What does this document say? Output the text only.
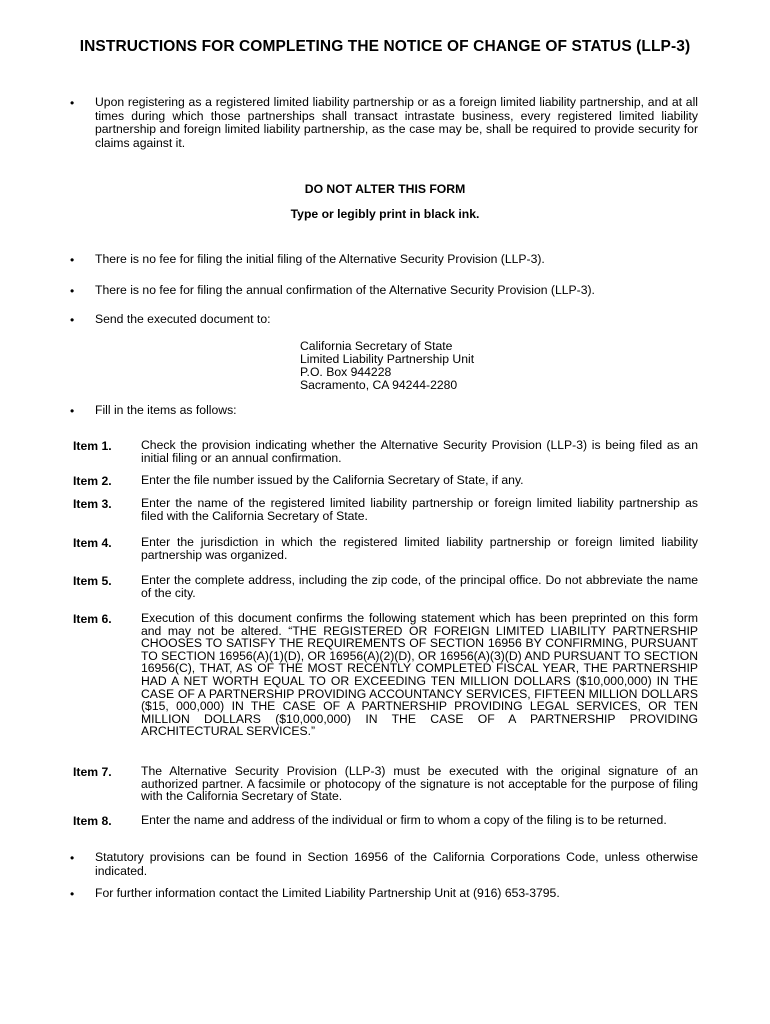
INSTRUCTIONS FOR COMPLETING THE NOTICE OF CHANGE OF STATUS (LLP-3)
• Upon registering as a registered limited liability partnership or as a foreign limited liability partnership, and at all times during which those partnerships shall transact intrastate business, every registered limited liability partnership and foreign limited liability partnership, as the case may be, shall be required to provide security for claims against it.
DO NOT ALTER THIS FORM
Type or legibly print in black ink.
• There is no fee for filing the initial filing of the Alternative Security Provision (LLP-3).
• There is no fee for filing the annual confirmation of the Alternative Security Provision (LLP-3).
• Send the executed document to:
California Secretary of State
Limited Liability Partnership Unit
P.O. Box 944228
Sacramento, CA 94244-2280
• Fill in the items as follows:
Item 1. Check the provision indicating whether the Alternative Security Provision (LLP-3) is being filed as an initial filing or an annual confirmation.
Item 2. Enter the file number issued by the California Secretary of State, if any.
Item 3. Enter the name of the registered limited liability partnership or foreign limited liability partnership as filed with the California Secretary of State.
Item 4. Enter the jurisdiction in which the registered limited liability partnership or foreign limited liability partnership was organized.
Item 5. Enter the complete address, including the zip code, of the principal office. Do not abbreviate the name of the city.
Item 6. Execution of this document confirms the following statement which has been preprinted on this form and may not be altered. “THE REGISTERED OR FOREIGN LIMITED LIABILITY PARTNERSHIP CHOOSES TO SATISFY THE REQUIREMENTS OF SECTION 16956 BY CONFIRMING, PURSUANT TO SECTION 16956(A)(1)(D), OR 16956(A)(2)(D), OR 16956(A)(3)(D) AND PURSUANT TO SECTION 16956(C), THAT, AS OF THE MOST RECENTLY COMPLETED FISCAL YEAR, THE PARTNERSHIP HAD A NET WORTH EQUAL TO OR EXCEEDING TEN MILLION DOLLARS ($10,000,000) IN THE CASE OF A PARTNERSHIP PROVIDING ACCOUNTANCY SERVICES, FIFTEEN MILLION DOLLARS ($15, 000,000) IN THE CASE OF A PARTNERSHIP PROVIDING LEGAL SERVICES, OR TEN MILLION DOLLARS ($10,000,000) IN THE CASE OF A PARTNERSHIP PROVIDING ARCHITECTURAL SERVICES.”
Item 7. The Alternative Security Provision (LLP-3) must be executed with the original signature of an authorized partner. A facsimile or photocopy of the signature is not acceptable for the purpose of filing with the California Secretary of State.
Item 8. Enter the name and address of the individual or firm to whom a copy of the filing is to be returned.
• Statutory provisions can be found in Section 16956 of the California Corporations Code, unless otherwise indicated.
• For further information contact the Limited Liability Partnership Unit at (916) 653-3795.
